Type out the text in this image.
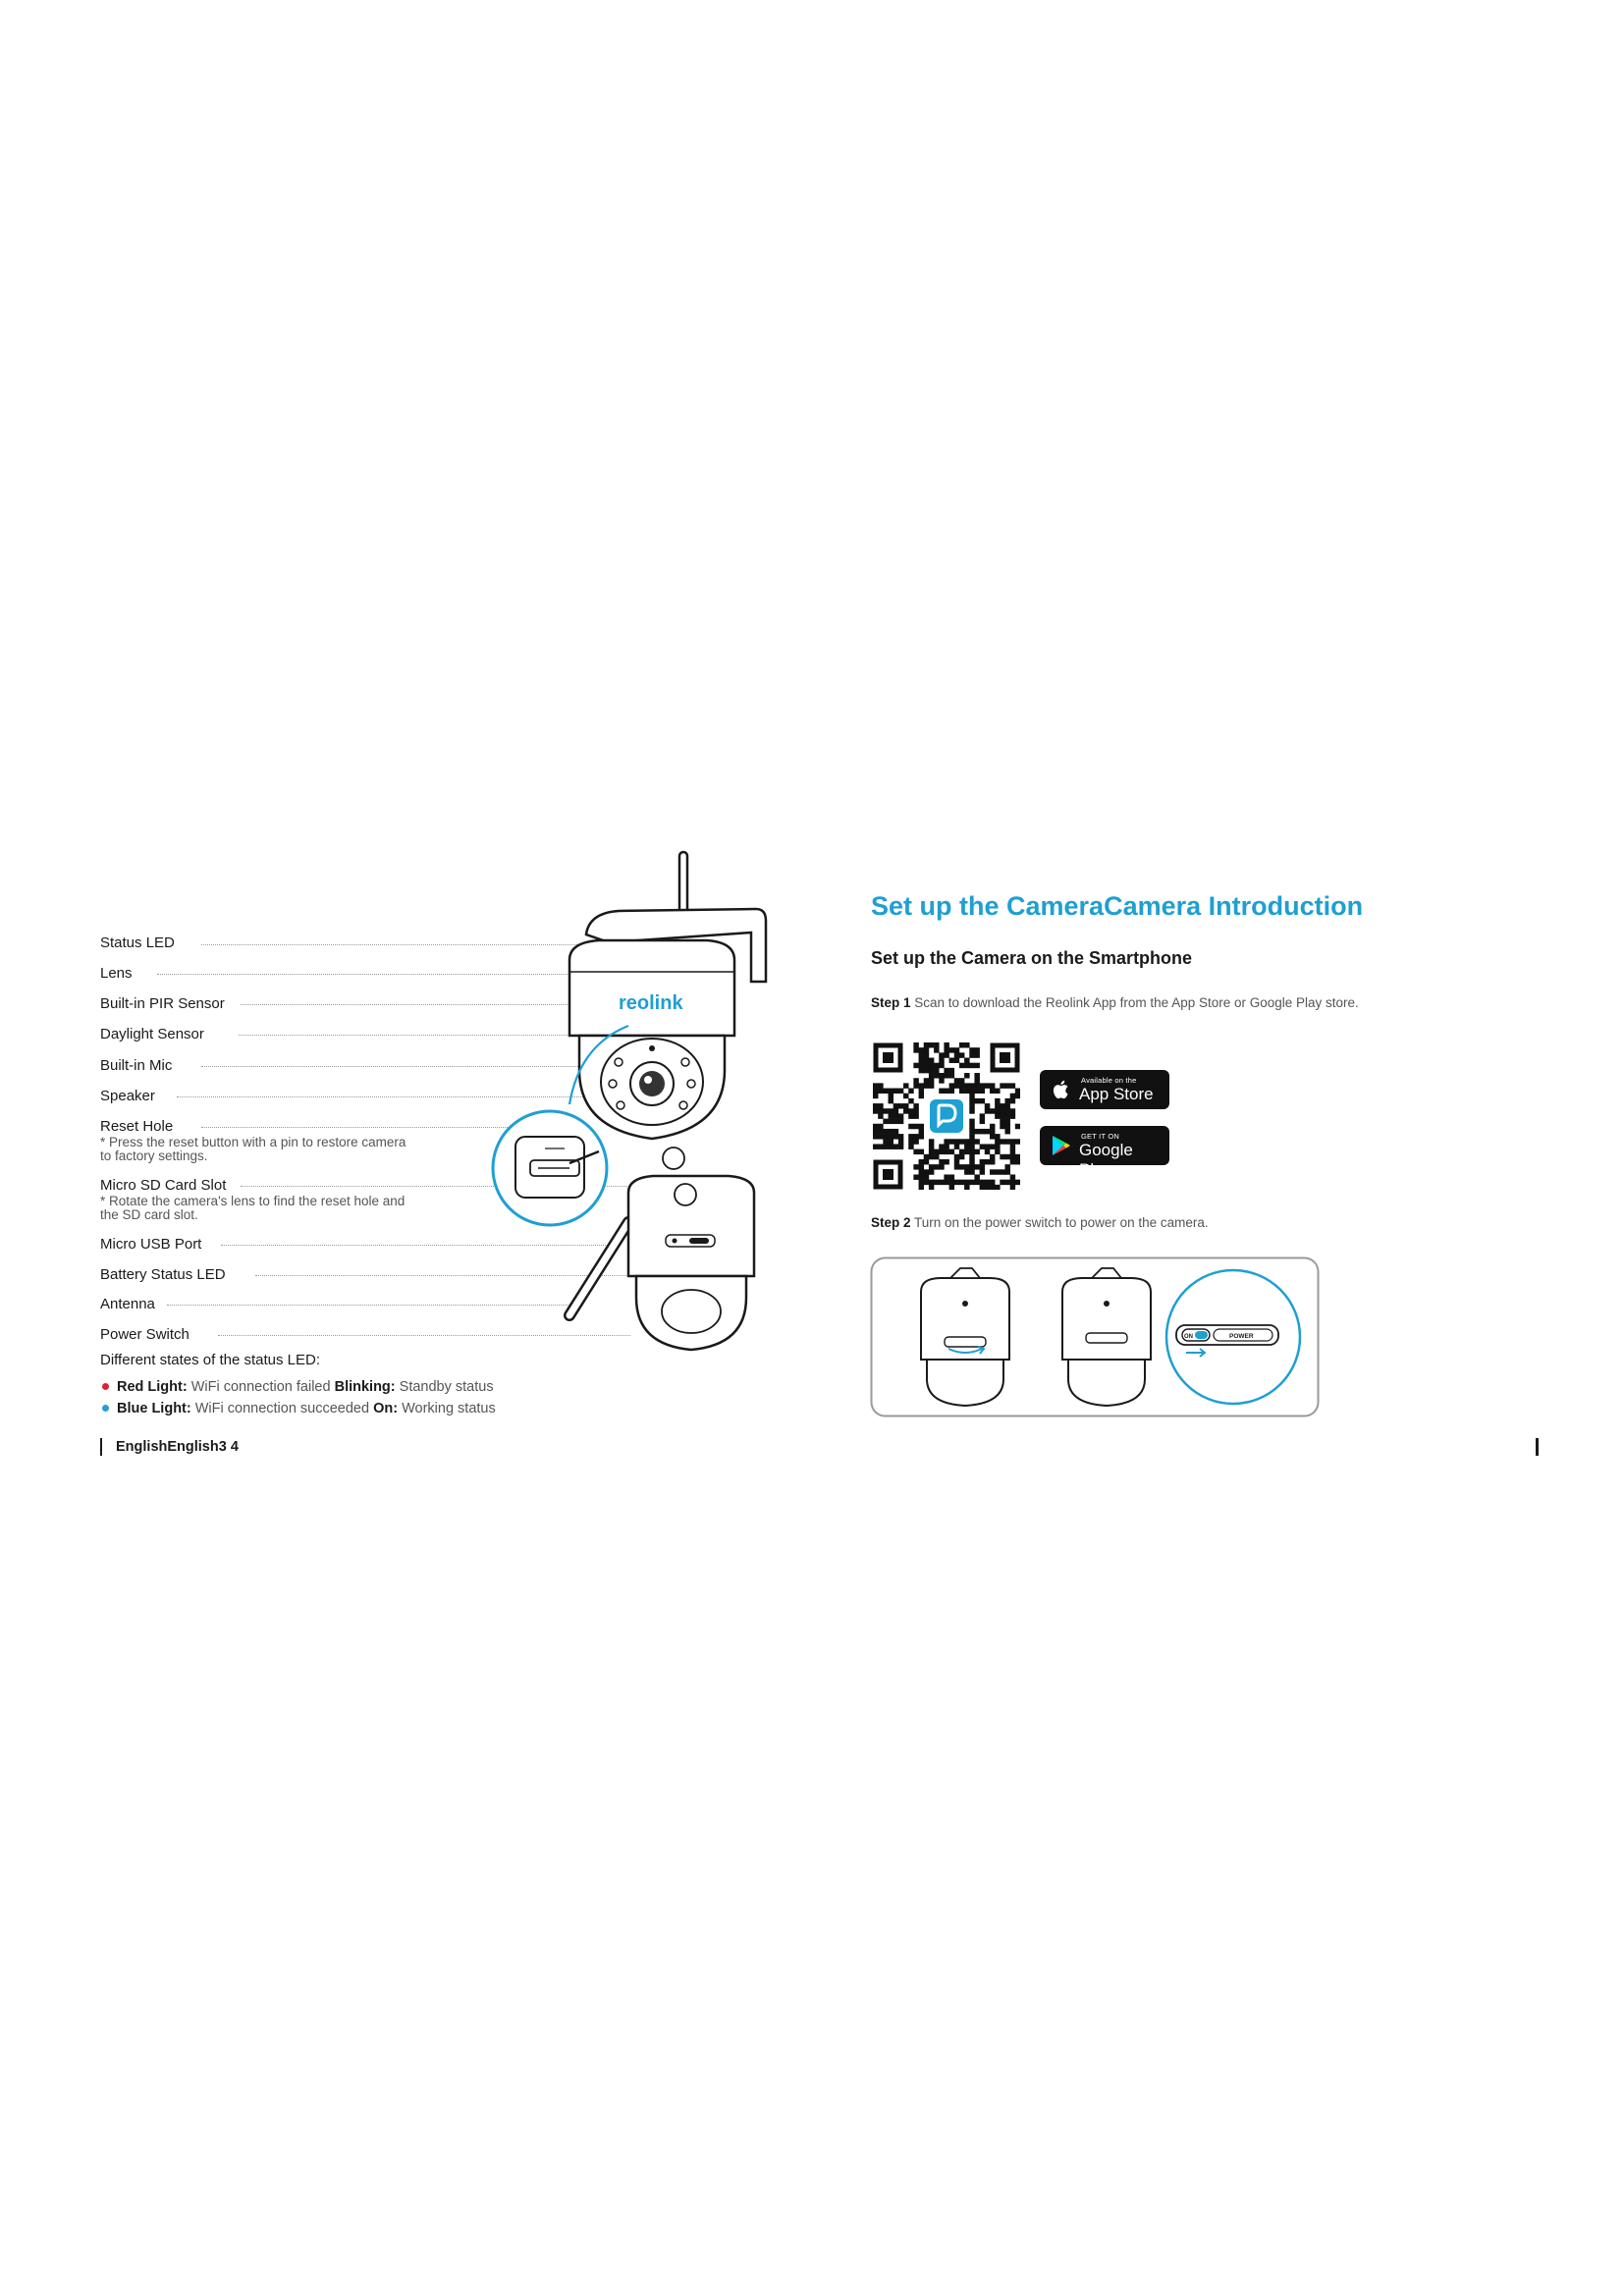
Status LED
Lens
Built-in PIR Sensor
Daylight Sensor
Built-in Mic
Speaker
Reset Hole
* Press the reset button with a pin to restore camera to factory settings.
Micro SD Card Slot
* Rotate the camera's lens to find the reset hole and the SD card slot.
Micro USB Port
Battery Status LED
Antenna
Power Switch
reolink
Different states of the status LED:
Red Light: WiFi connection failed Blinking: Standby status
Blue Light: WiFi connection succeeded On: Working status
EnglishEnglish3 4
Set up the CameraCamera Introduction
Set up the Camera on the Smartphone
Step 1 Scan to download the Reolink App from the App Store or Google Play store.
Available on the
App Store
GET IT ON
Google Play
Step 2 Turn on the power switch to power on the camera.
ON	POWER
